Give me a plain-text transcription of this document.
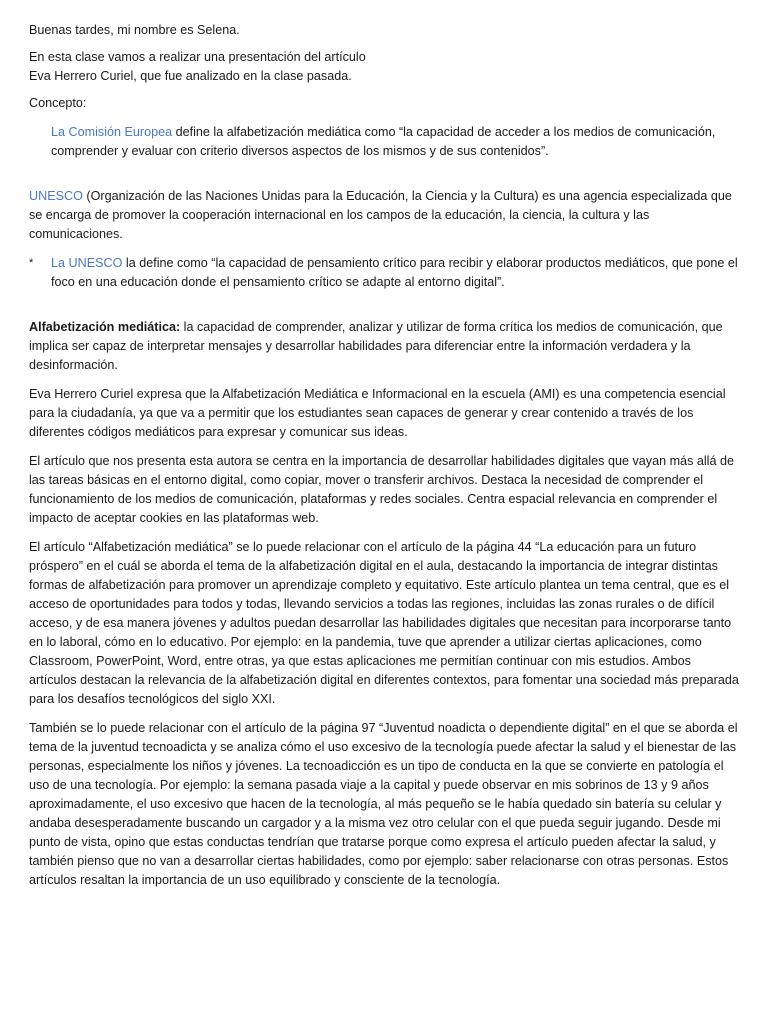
Buenas tardes, mi nombre es Selena.

En esta clase vamos a realizar una presentación del artículo
Eva Herrero Curiel, que fue analizado en la clase pasada.

Concepto:

La Comisión Europea define la alfabetización mediática como “la capacidad de acceder a los medios de comunicación, comprender y evaluar con criterio diversos aspectos de los mismos y de sus contenidos”.

UNESCO (Organización de las Naciones Unidas para la Educación, la Ciencia y la Cultura) es una agencia especializada que se encarga de promover la cooperación internacional en los campos de la educación, la ciencia, la cultura y las comunicaciones.

*	La UNESCO la define como “la capacidad de pensamiento crítico para recibir y elaborar productos mediáticos, que pone el foco en una educación donde el pensamiento crítico se adapte al entorno digital”.

Alfabetización mediática: la capacidad de comprender, analizar y utilizar de forma crítica los medios de comunicación, que implica ser capaz de interpretar mensajes y desarrollar habilidades para diferenciar entre la información verdadera y la desinformación.

Eva Herrero Curiel expresa que la Alfabetización Mediática e Informacional en la escuela (AMI) es una competencia esencial para la ciudadanía, ya que va a permitir que los estudiantes sean capaces de generar y crear contenido a través de los diferentes códigos mediáticos para expresar y comunicar sus ideas.

El artículo que nos presenta esta autora se centra en la importancia de desarrollar habilidades digitales que vayan más allá de las tareas básicas en el entorno digital, como copiar, mover o transferir archivos. Destaca la necesidad de comprender el funcionamiento de los medios de comunicación, plataformas y redes sociales. Centra espacial relevancia en comprender el impacto de aceptar cookies en las plataformas web.

El artículo “Alfabetización mediática” se lo puede relacionar con el artículo de la página 44 “La educación para un futuro próspero” en el cuál se aborda el tema de la alfabetización digital en el aula, destacando la importancia de integrar distintas formas de alfabetización para promover un aprendizaje completo y equitativo. Este artículo plantea un tema central, que es el acceso de oportunidades para todos y todas, llevando servicios a todas las regiones, incluidas las zonas rurales o de difícil acceso, y de esa manera jóvenes y adultos puedan desarrollar las habilidades digitales que necesitan para incorporarse tanto en lo laboral, cómo en lo educativo. Por ejemplo: en la pandemia, tuve que aprender a utilizar ciertas aplicaciones, como Classroom, PowerPoint, Word, entre otras, ya que estas aplicaciones me permitían continuar con mis estudios. Ambos artículos destacan la relevancia de la alfabetización digital en diferentes contextos, para fomentar una sociedad más preparada para los desafíos tecnológicos del siglo XXI.

También se lo puede relacionar con el artículo de la página 97 “Juventud noadicta o dependiente digital” en el que se aborda el tema de la juventud tecnoadicta y se analiza cómo el uso excesivo de la tecnología puede afectar la salud y el bienestar de las personas, especialmente los niños y jóvenes. La tecnoadicción es un tipo de conducta en la que se convierte en patología el uso de una tecnología. Por ejemplo: la semana pasada viaje a la capital y puede observar en mis sobrinos de 13 y 9 años aproximadamente, el uso excesivo que hacen de la tecnología, al más pequeño se le había quedado sin batería su celular y andaba desesperadamente buscando un cargador y a la misma vez otro celular con el que pueda seguir jugando. Desde mi punto de vista, opino que estas conductas tendrían que tratarse porque como expresa el artículo pueden afectar la salud, y también pienso que no van a desarrollar ciertas habilidades, como por ejemplo: saber relacionarse con otras personas. Estos artículos resaltan la importancia de un uso equilibrado y consciente de la tecnología.
